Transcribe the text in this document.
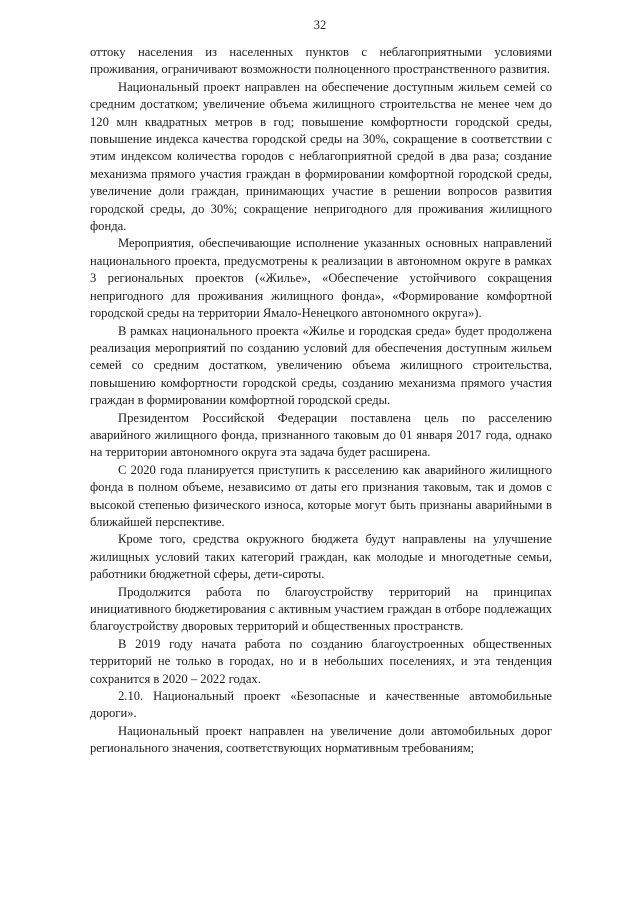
32

оттоку населения из населенных пунктов с неблагоприятными условиями проживания, ограничивают возможности полноценного пространственного развития.

Национальный проект направлен на обеспечение доступным жильем семей со средним достатком; увеличение объема жилищного строительства не менее чем до 120 млн квадратных метров в год; повышение комфортности городской среды, повышение индекса качества городской среды на 30%, сокращение в соответствии с этим индексом количества городов с неблагоприятной средой в два раза; создание механизма прямого участия граждан в формировании комфортной городской среды, увеличение доли граждан, принимающих участие в решении вопросов развития городской среды, до 30%; сокращение непригодного для проживания жилищного фонда.

Мероприятия, обеспечивающие исполнение указанных основных направлений национального проекта, предусмотрены к реализации в автономном округе в рамках 3 региональных проектов («Жилье», «Обеспечение устойчивого сокращения непригодного для проживания жилищного фонда», «Формирование комфортной городской среды на территории Ямало-Ненецкого автономного округа»).

В рамках национального проекта «Жилье и городская среда» будет продолжена реализация мероприятий по созданию условий для обеспечения доступным жильем семей со средним достатком, увеличению объема жилищного строительства, повышению комфортности городской среды, созданию механизма прямого участия граждан в формировании комфортной городской среды.

Президентом Российской Федерации поставлена цель по расселению аварийного жилищного фонда, признанного таковым до 01 января 2017 года, однако на территории автономного округа эта задача будет расширена.

С 2020 года планируется приступить к расселению как аварийного жилищного фонда в полном объеме, независимо от даты его признания таковым, так и домов с высокой степенью физического износа, которые могут быть признаны аварийными в ближайшей перспективе.

Кроме того, средства окружного бюджета будут направлены на улучшение жилищных условий таких категорий граждан, как молодые и многодетные семьи, работники бюджетной сферы, дети-сироты.

Продолжится работа по благоустройству территорий на принципах инициативного бюджетирования с активным участием граждан в отборе подлежащих благоустройству дворовых территорий и общественных пространств.

В 2019 году начата работа по созданию благоустроенных общественных территорий не только в городах, но и в небольших поселениях, и эта тенденция сохранится в 2020 – 2022 годах.

2.10. Национальный проект «Безопасные и качественные автомобильные дороги».

Национальный проект направлен на увеличение доли автомобильных дорог регионального значения, соответствующих нормативным требованиям;
